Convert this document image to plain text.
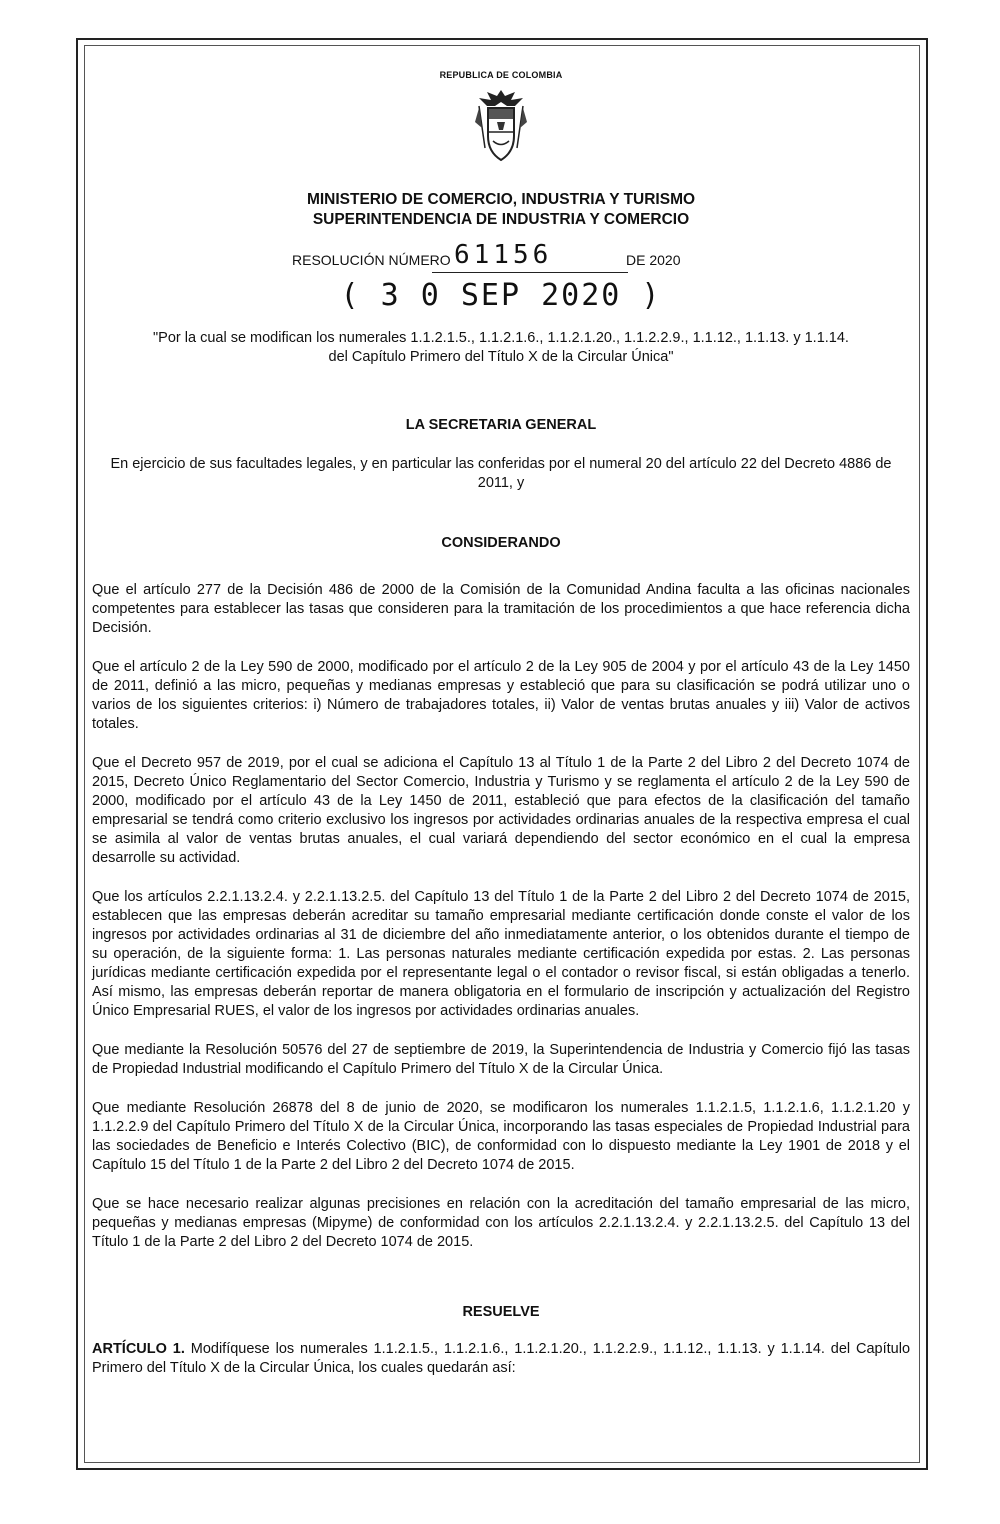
REPUBLICA DE COLOMBIA
MINISTERIO DE COMERCIO, INDUSTRIA Y TURISMO
SUPERINTENDENCIA DE INDUSTRIA Y COMERCIO
RESOLUCIÓN NÚMERO 61156	DE 2020
( 3 0 SEP 2020 )
"Por la cual se modifican los numerales 1.1.2.1.5., 1.1.2.1.6., 1.1.2.1.20., 1.1.2.2.9., 1.1.12., 1.1.13. y 1.1.14.
del Capítulo Primero del Título X de la Circular Única"
LA SECRETARIA GENERAL
En ejercicio de sus facultades legales, y en particular las conferidas por el numeral 20 del artículo 22 del Decreto 4886 de 2011, y
CONSIDERANDO

Que el artículo 277 de la Decisión 486 de 2000 de la Comisión de la Comunidad Andina faculta a las oficinas nacionales competentes para establecer las tasas que consideren para la tramitación de los procedimientos a que hace referencia dicha Decisión.

Que el artículo 2 de la Ley 590 de 2000, modificado por el artículo 2 de la Ley 905 de 2004 y por el artículo 43 de la Ley 1450 de 2011, definió a las micro, pequeñas y medianas empresas y estableció que para su clasificación se podrá utilizar uno o varios de los siguientes criterios: i) Número de trabajadores totales, ii) Valor de ventas brutas anuales y iii) Valor de activos totales.

Que el Decreto 957 de 2019, por el cual se adiciona el Capítulo 13 al Título 1 de la Parte 2 del Libro 2 del Decreto 1074 de 2015, Decreto Único Reglamentario del Sector Comercio, Industria y Turismo y se reglamenta el artículo 2 de la Ley 590 de 2000, modificado por el artículo 43 de la Ley 1450 de 2011, estableció que para efectos de la clasificación del tamaño empresarial se tendrá como criterio exclusivo los ingresos por actividades ordinarias anuales de la respectiva empresa el cual se asimila al valor de ventas brutas anuales, el cual variará dependiendo del sector económico en el cual la empresa desarrolle su actividad.

Que los artículos 2.2.1.13.2.4. y 2.2.1.13.2.5. del Capítulo 13 del Título 1 de la Parte 2 del Libro 2 del Decreto 1074 de 2015, establecen que las empresas deberán acreditar su tamaño empresarial mediante certificación donde conste el valor de los ingresos por actividades ordinarias al 31 de diciembre del año inmediatamente anterior, o los obtenidos durante el tiempo de su operación, de la siguiente forma: 1. Las personas naturales mediante certificación expedida por estas. 2. Las personas jurídicas mediante certificación expedida por el representante legal o el contador o revisor fiscal, si están obligadas a tenerlo. Así mismo, las empresas deberán reportar de manera obligatoria en el formulario de inscripción y actualización del Registro Único Empresarial RUES, el valor de los ingresos por actividades ordinarias anuales.

Que mediante la Resolución 50576 del 27 de septiembre de 2019, la Superintendencia de Industria y Comercio fijó las tasas de Propiedad Industrial modificando el Capítulo Primero del Título X de la Circular Única.

Que mediante Resolución 26878 del 8 de junio de 2020, se modificaron los numerales 1.1.2.1.5, 1.1.2.1.6, 1.1.2.1.20 y 1.1.2.2.9 del Capítulo Primero del Título X de la Circular Única, incorporando las tasas especiales de Propiedad Industrial para las sociedades de Beneficio e Interés Colectivo (BIC), de conformidad con lo dispuesto mediante la Ley 1901 de 2018 y el Capítulo 15 del Título 1 de la Parte 2 del Libro 2 del Decreto 1074 de 2015.

Que se hace necesario realizar algunas precisiones en relación con la acreditación del tamaño empresarial de las micro, pequeñas y medianas empresas (Mipyme) de conformidad con los artículos 2.2.1.13.2.4. y 2.2.1.13.2.5. del Capítulo 13 del Título 1 de la Parte 2 del Libro 2 del Decreto 1074 de 2015.

RESUELVE

ARTÍCULO 1. Modifíquese los numerales 1.1.2.1.5., 1.1.2.1.6., 1.1.2.1.20., 1.1.2.2.9., 1.1.12., 1.1.13. y 1.1.14. del Capítulo Primero del Título X de la Circular Única, los cuales quedarán así:
